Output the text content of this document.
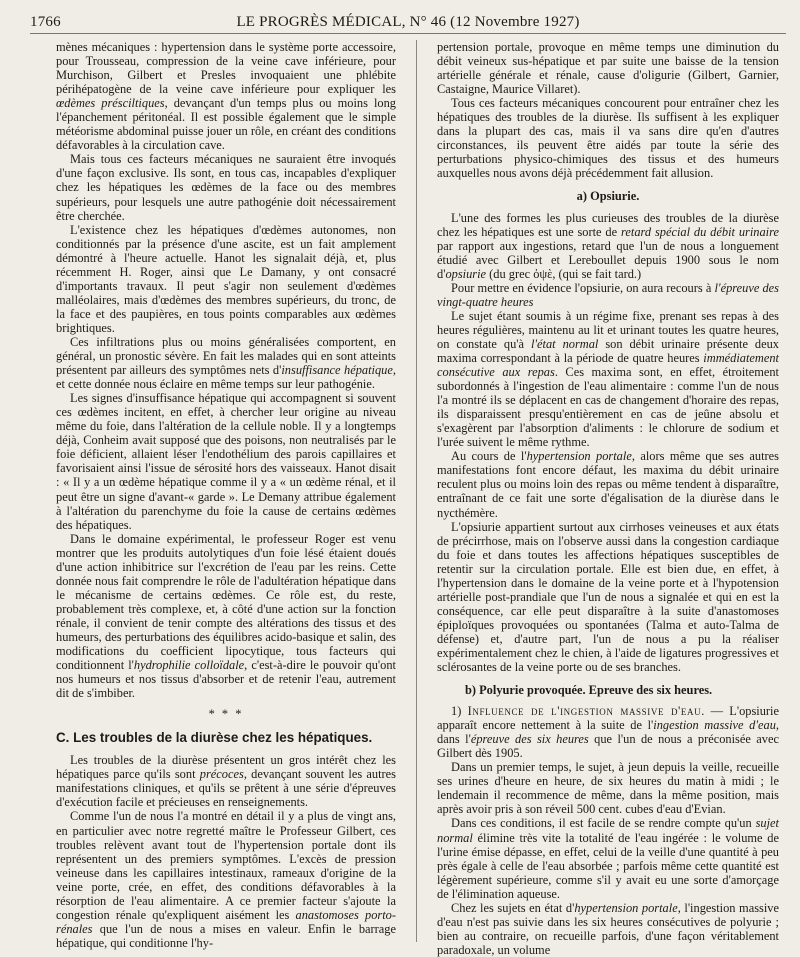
1766	LE PROGRÈS MÉDICAL, N° 46 (12 Novembre 1927)

mènes mécaniques : hypertension dans le système porte accessoire, pour Trousseau, compression de la veine cave inférieure, pour Murchison, Gilbert et Presles invoquaient une phlébite périhépatogène de la veine cave inférieure pour expliquer les œdèmes présciltiques, devançant d'un temps plus ou moins long l'épanchement péritonéal. Il est possible également que le simple météorisme abdominal puisse jouer un rôle, en créant des conditions défavorables à la circulation cave.

Mais tous ces facteurs mécaniques ne sauraient être invoqués d'une façon exclusive. Ils sont, en tous cas, incapables d'expliquer chez les hépatiques les œdèmes de la face ou des membres supérieurs, pour lesquels une autre pathogénie doit nécessairement être cherchée.

L'existence chez les hépatiques d'œdèmes autonomes, non conditionnés par la présence d'une ascite, est un fait amplement démontré à l'heure actuelle. Hanot les signalait déjà, et, plus récemment H. Roger, ainsi que Le Damany, y ont consacré d'importants travaux. Il peut s'agir non seulement d'œdèmes malléolaires, mais d'œdèmes des membres supérieurs, du tronc, de la face et des paupières, en tous points comparables aux œdèmes brightiques.

Ces infiltrations plus ou moins généralisées comportent, en général, un pronostic sévère. En fait les malades qui en sont atteints présentent par ailleurs des symptômes nets d'insuffisance hépatique, et cette donnée nous éclaire en même temps sur leur pathogénie.

Les signes d'insuffisance hépatique qui accompagnent si souvent ces œdèmes incitent, en effet, à chercher leur origine au niveau même du foie, dans l'altération de la cellule noble. Il y a longtemps déjà, Conheim avait supposé que des poisons, non neutralisés par le foie déficient, allaient léser l'endothélium des parois capillaires et favorisaient ainsi l'issue de sérosité hors des vaisseaux. Hanot disait : « Il y a un œdème hépatique comme il y a « un œdème rénal, et il peut être un signe d'avant-« garde ». Le Demany attribue également à l'altération du parenchyme du foie la cause de certains œdèmes des hépatiques.

Dans le domaine expérimental, le professeur Roger est venu montrer que les produits autolytiques d'un foie lésé étaient doués d'une action inhibitrice sur l'excrétion de l'eau par les reins. Cette donnée nous fait comprendre le rôle de l'adultération hépatique dans le mécanisme de certains œdèmes. Ce rôle est, du reste, probablement très complexe, et, à côté d'une action sur la fonction rénale, il convient de tenir compte des altérations des tissus et des humeurs, des perturbations des équilibres acido-basique et salin, des modifications du coefficient lipocytique, tous facteurs qui conditionnent l'hydrophilie colloïdale, c'est-à-dire le pouvoir qu'ont nos humeurs et nos tissus d'absorber et de retenir l'eau, autrement dit de s'imbiber.

* * *
C. Les troubles de la diurèse chez les hépatiques.

Les troubles de la diurèse présentent un gros intérêt chez les hépatiques parce qu'ils sont précoces, devançant souvent les autres manifestations cliniques, et qu'ils se prêtent à une série d'épreuves d'exécution facile et précieuses en renseignements.

Comme l'un de nous l'a montré en détail il y a plus de vingt ans, en particulier avec notre regretté maître le Professeur Gilbert, ces troubles relèvent avant tout de l'hypertension portale dont ils représentent un des premiers symptômes. L'excès de pression veineuse dans les capillaires intestinaux, rameaux d'origine de la veine porte, crée, en effet, des conditions défavorables à la résorption de l'eau alimentaire. A ce premier facteur s'ajoute la congestion rénale qu'expliquent aisément les anastomoses porto-rénales que l'un de nous a mises en valeur. Enfin le barrage hépatique, qui conditionne l'hy-

pertension portale, provoque en même temps une diminution du débit veineux sus-hépatique et par suite une baisse de la tension artérielle générale et rénale, cause d'oligurie (Gilbert, Garnier, Castaigne, Maurice Villaret).

Tous ces facteurs mécaniques concourent pour entraîner chez les hépatiques des troubles de la diurèse. Ils suffisent à les expliquer dans la plupart des cas, mais il va sans dire qu'en d'autres circonstances, ils peuvent être aidés par toute la série des perturbations physico-chimiques des tissus et des humeurs auxquelles nous avons déjà précédemment fait allusion.

a) Opsiurie.

L'une des formes les plus curieuses des troubles de la diurèse chez les hépatiques est une sorte de retard spécial du débit urinaire par rapport aux ingestions, retard que l'un de nous a longuement étudié avec Gilbert et Lereboullet depuis 1900 sous le nom d'opsiurie (du grec ὀψὲ, (qui se fait tard.)

Pour mettre en évidence l'opsiurie, on aura recours à l'épreuve des vingt-quatre heures

Le sujet étant soumis à un régime fixe, prenant ses repas à des heures régulières, maintenu au lit et urinant toutes les quatre heures, on constate qu'à l'état normal son débit urinaire présente deux maxima correspondant à la période de quatre heures immédiatement consécutive aux repas. Ces maxima sont, en effet, étroitement subordonnés à l'ingestion de l'eau alimentaire : comme l'un de nous l'a montré ils se déplacent en cas de changement d'horaire des repas, ils disparaissent presqu'entièrement en cas de jeûne absolu et s'exagèrent par l'absorption d'aliments : le chlorure de sodium et l'urée suivent le même rythme.

Au cours de l'hypertension portale, alors même que ses autres manifestations font encore défaut, les maxima du débit urinaire reculent plus ou moins loin des repas ou même tendent à disparaître, entraînant de ce fait une sorte d'égalisation de la diurèse dans le nycthémère.

L'opsiurie appartient surtout aux cirrhoses veineuses et aux états de précirrhose, mais on l'observe aussi dans la congestion cardiaque du foie et dans toutes les affections hépatiques susceptibles de retentir sur la circulation portale. Elle est bien due, en effet, à l'hypertension dans le domaine de la veine porte et à l'hypotension artérielle post-prandiale que l'un de nous a signalée et qui en est la conséquence, car elle peut disparaître à la suite d'anastomoses épiploïques provoquées ou spontanées (Talma et auto-Talma de défense) et, d'autre part, l'un de nous a pu la réaliser expérimentalement chez le chien, à l'aide de ligatures progressives et sclérosantes de la veine porte ou de ses branches.

b) Polyurie provoquée. Epreuve des six heures.

1) Influence de l'ingestion massive d'eau. — L'opsiurie apparaît encore nettement à la suite de l'ingestion massive d'eau, dans l'épreuve des six heures que l'un de nous a préconisée avec Gilbert dès 1905.

Dans un premier temps, le sujet, à jeun depuis la veille, recueille ses urines d'heure en heure, de six heures du matin à midi ; le lendemain il recommence de même, dans la même position, mais après avoir pris à son réveil 500 cent. cubes d'eau d'Evian.

Dans ces conditions, il est facile de se rendre compte qu'un sujet normal élimine très vite la totalité de l'eau ingérée : le volume de l'urine émise dépasse, en effet, celui de la veille d'une quantité à peu près égale à celle de l'eau absorbée ; parfois même cette quantité est légèrement supérieure, comme s'il y avait eu une sorte d'amorçage de l'élimination aqueuse.

Chez les sujets en état d'hypertension portale, l'ingestion massive d'eau n'est pas suivie dans les six heures consécutives de polyurie ; bien au contraire, on recueille parfois, d'une façon véritablement paradoxale, un volume
